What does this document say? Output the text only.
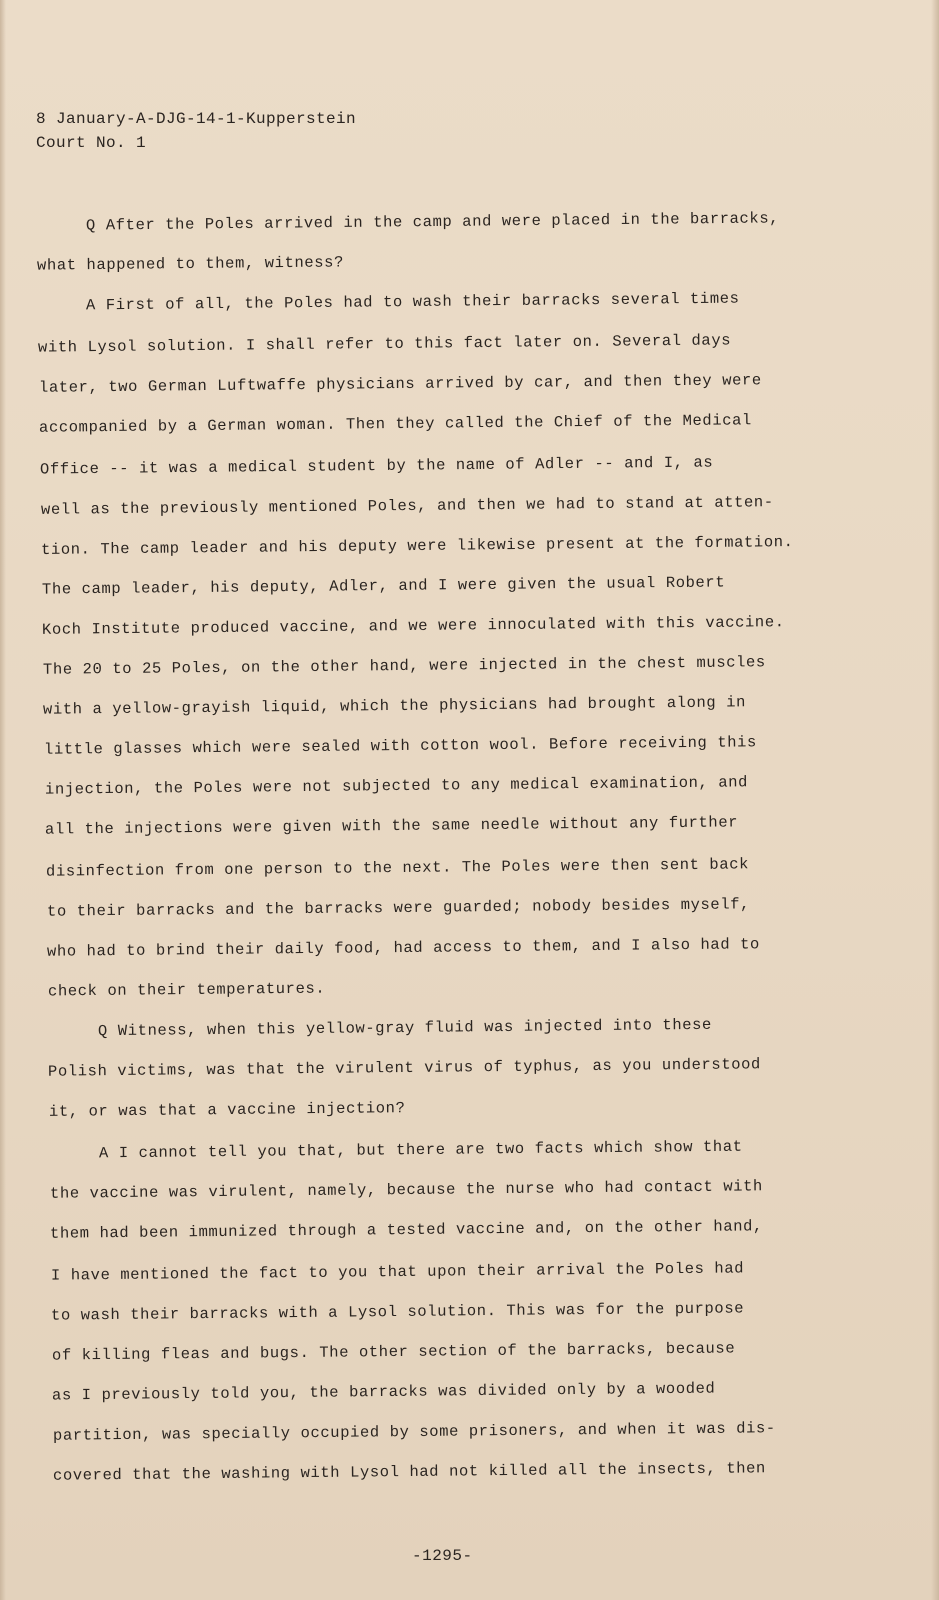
8 January-A-DJG-14-1-Kupperstein
Court No. 1
Q After the Poles arrived in the camp and were placed in the barracks,
what happened to them, witness?
A First of all, the Poles had to wash their barracks several times
with Lysol solution. I shall refer to this fact later on. Several days
later, two German Luftwaffe physicians arrived by car, and then they were
accompanied by a German woman. Then they called the Chief of the Medical
Office -- it was a medical student by the name of Adler -- and I, as
well as the previously mentioned Poles, and then we had to stand at atten-
tion. The camp leader and his deputy were likewise present at the formation.
The camp leader, his deputy, Adler, and I were given the usual Robert
Koch Institute produced vaccine, and we were innoculated with this vaccine.
The 20 to 25 Poles, on the other hand, were injected in the chest muscles
with a yellow-grayish liquid, which the physicians had brought along in
little glasses which were sealed with cotton wool. Before receiving this
injection, the Poles were not subjected to any medical examination, and
all the injections were given with the same needle without any further
disinfection from one person to the next. The Poles were then sent back
to their barracks and the barracks were guarded; nobody besides myself,
who had to brind their daily food, had access to them, and I also had to
check on their temperatures.
Q Witness, when this yellow-gray fluid was injected into these
Polish victims, was that the virulent virus of typhus, as you understood
it, or was that a vaccine injection?
A I cannot tell you that, but there are two facts which show that
the vaccine was virulent, namely, because the nurse who had contact with
them had been immunized through a tested vaccine and, on the other hand,
I have mentioned the fact to you that upon their arrival the Poles had
to wash their barracks with a Lysol solution. This was for the purpose
of killing fleas and bugs. The other section of the barracks, because
as I previously told you, the barracks was divided only by a wooded
partition, was specially occupied by some prisoners, and when it was dis-
covered that the washing with Lysol had not killed all the insects, then
-1295-
